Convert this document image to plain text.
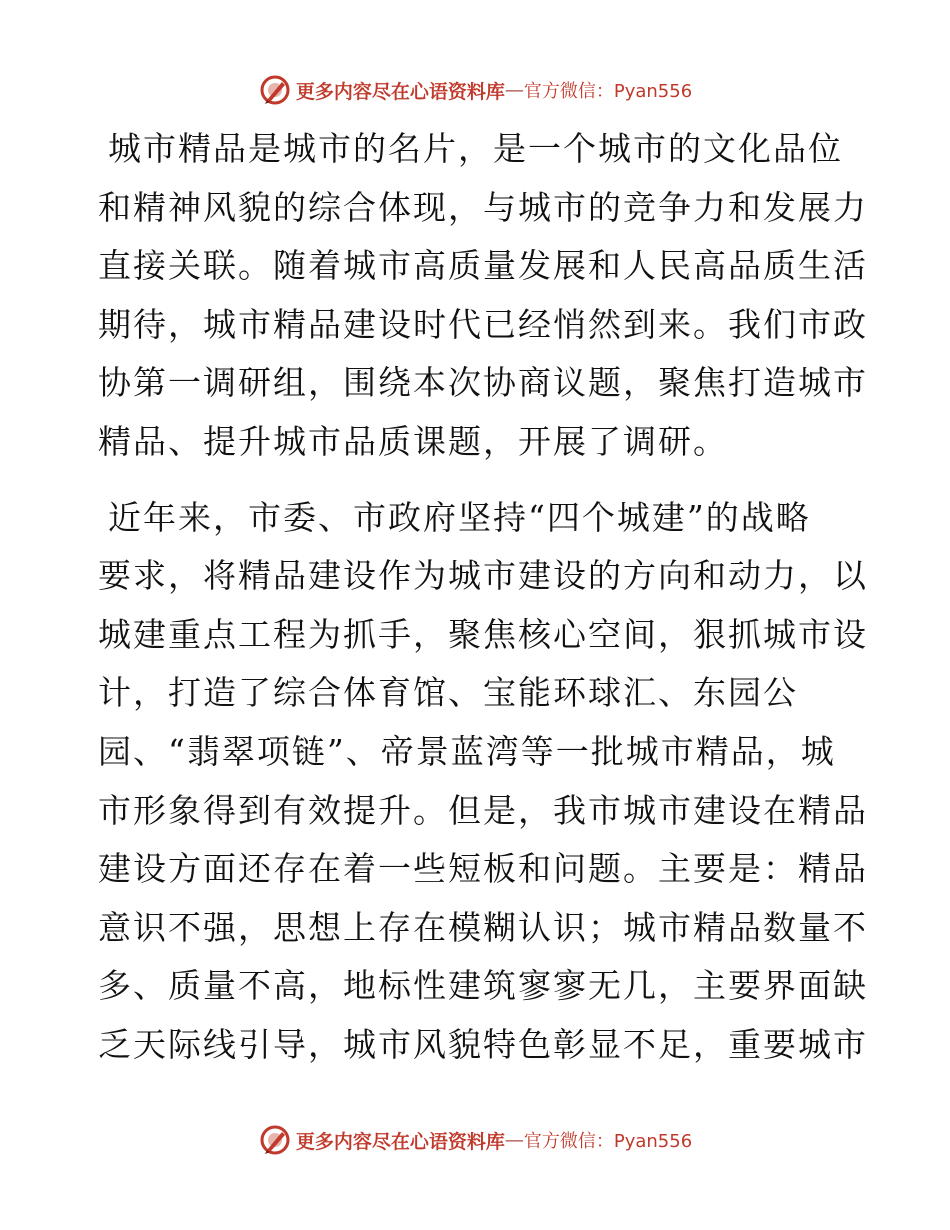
更多内容尽在心语资料库 — 官方微信：Pyan556

城市精品是城市的名片，是一个城市的文化品位
和精神风貌的综合体现，与城市的竞争力和发展力
直接关联。随着城市高质量发展和人民高品质生活
期待，城市精品建设时代已经悄然到来。我们市政
协第一调研组，围绕本次协商议题，聚焦打造城市
精品、提升城市品质课题，开展了调研。

近年来，市委、市政府坚持“四个城建”的战略
要求，将精品建设作为城市建设的方向和动力，以
城建重点工程为抓手，聚焦核心空间，狠抓城市设
计，打造了综合体育馆、宝能环球汇、东园公
园、“翡翠项链”、帝景蓝湾等一批城市精品，城
市形象得到有效提升。但是，我市城市建设在精品
建设方面还存在着一些短板和问题。主要是：精品
意识不强，思想上存在模糊认识；城市精品数量不
多、质量不高，地标性建筑寥寥无几，主要界面缺
乏天际线引导，城市风貌特色彰显不足，重要城市

更多内容尽在心语资料库 — 官方微信：Pyan556
